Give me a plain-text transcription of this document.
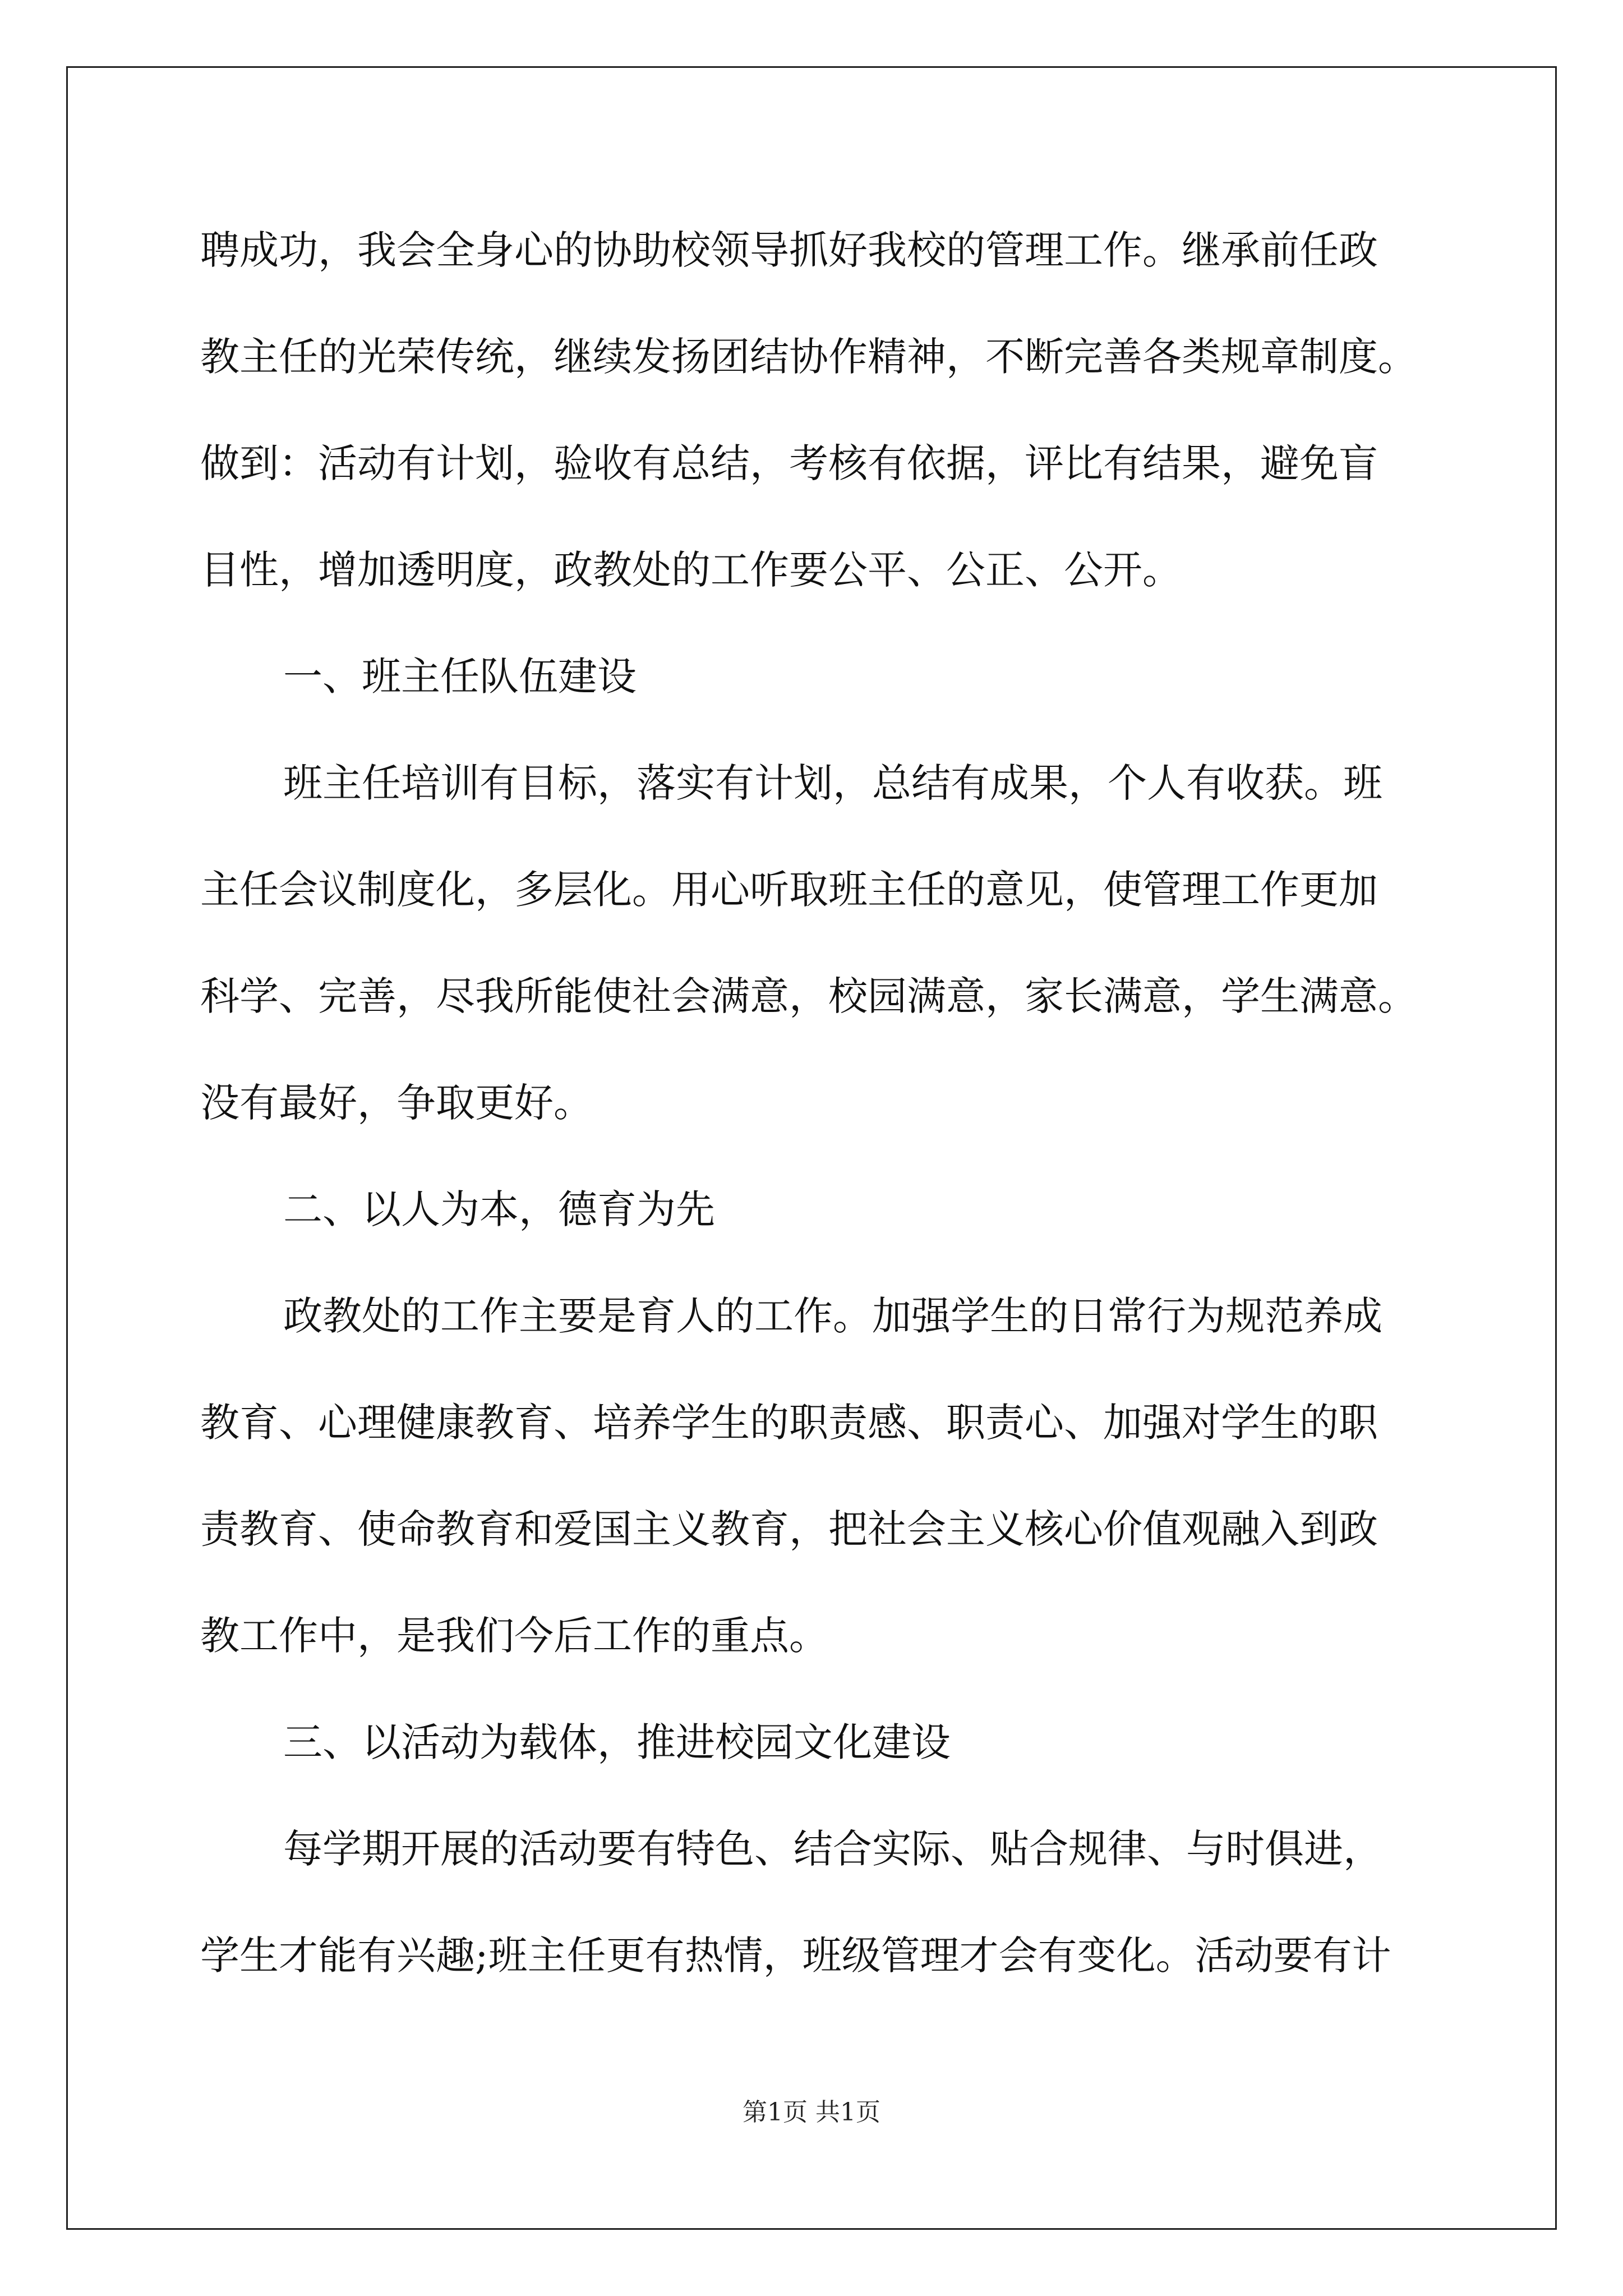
聘成功，我会全身心的协助校领导抓好我校的管理工作。继承前任政
教主任的光荣传统，继续发扬团结协作精神，不断完善各类规章制度。
做到：活动有计划，验收有总结，考核有依据，评比有结果，避免盲
目性，增加透明度，政教处的工作要公平、公正、公开。
一、班主任队伍建设
班主任培训有目标，落实有计划，总结有成果，个人有收获。班
主任会议制度化，多层化。用心听取班主任的意见，使管理工作更加
科学、完善，尽我所能使社会满意，校园满意，家长满意，学生满意。
没有最好，争取更好。
二、以人为本，德育为先
政教处的工作主要是育人的工作。加强学生的日常行为规范养成
教育、心理健康教育、培养学生的职责感、职责心、加强对学生的职
责教育、使命教育和爱国主义教育，把社会主义核心价值观融入到政
教工作中，是我们今后工作的重点。
三、以活动为载体，推进校园文化建设
每学期开展的活动要有特色、结合实际、贴合规律、与时俱进，
学生才能有兴趣;班主任更有热情，班级管理才会有变化。活动要有计
第1页 共1页
